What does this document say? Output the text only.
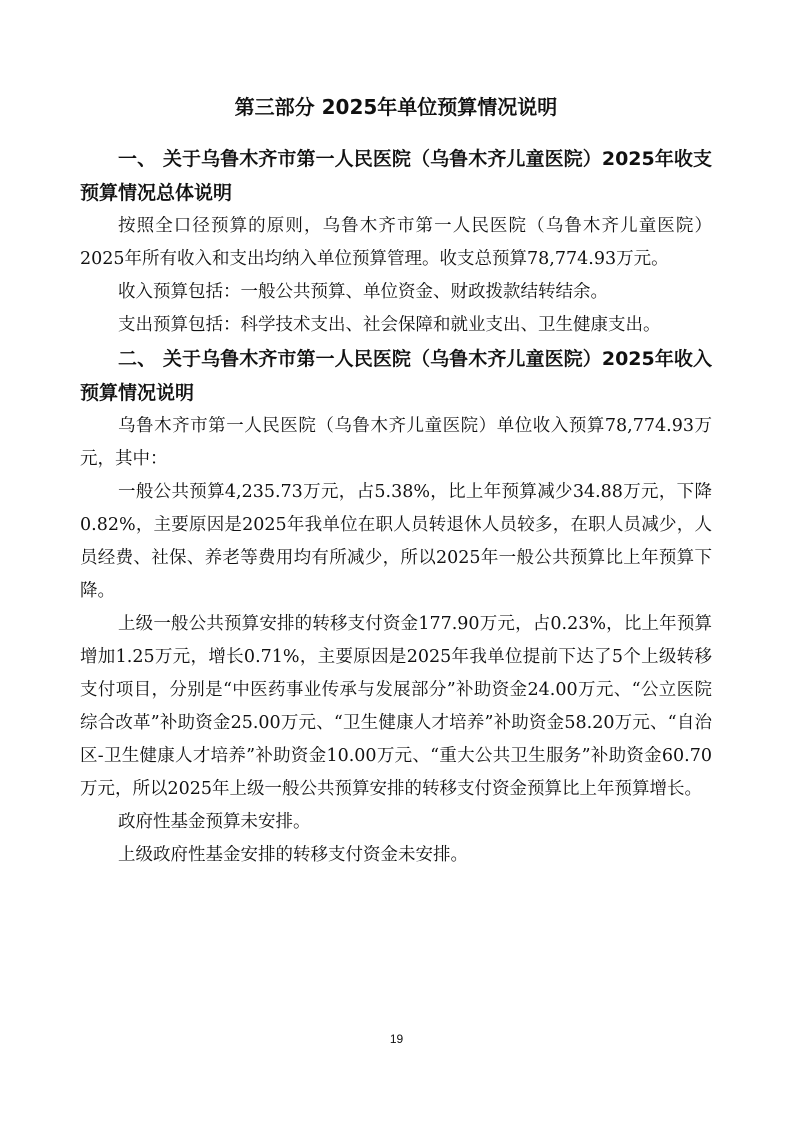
第三部分 2025年单位预算情况说明

一、 关于乌鲁木齐市第一人民医院（乌鲁木齐儿童医院）2025年收支预算情况总体说明

按照全口径预算的原则，乌鲁木齐市第一人民医院（乌鲁木齐儿童医院）2025年所有收入和支出均纳入单位预算管理。收支总预算78,774.93万元。

收入预算包括：一般公共预算、单位资金、财政拨款结转结余。

支出预算包括：科学技术支出、社会保障和就业支出、卫生健康支出。

二、 关于乌鲁木齐市第一人民医院（乌鲁木齐儿童医院）2025年收入预算情况说明

乌鲁木齐市第一人民医院（乌鲁木齐儿童医院）单位收入预算78,774.93万元，其中：

一般公共预算4,235.73万元，占5.38%，比上年预算减少34.88万元，下降0.82%，主要原因是2025年我单位在职人员转退休人员较多，在职人员减少，人员经费、社保、养老等费用均有所减少，所以2025年一般公共预算比上年预算下降。

上级一般公共预算安排的转移支付资金177.90万元，占0.23%，比上年预算增加1.25万元，增长0.71%，主要原因是2025年我单位提前下达了5个上级转移支付项目，分别是“中医药事业传承与发展部分”补助资金24.00万元、“公立医院综合改革”补助资金25.00万元、“卫生健康人才培养”补助资金58.20万元、“自治区-卫生健康人才培养”补助资金10.00万元、“重大公共卫生服务”补助资金60.70万元，所以2025年上级一般公共预算安排的转移支付资金预算比上年预算增长。

政府性基金预算未安排。

上级政府性基金安排的转移支付资金未安排。

19
